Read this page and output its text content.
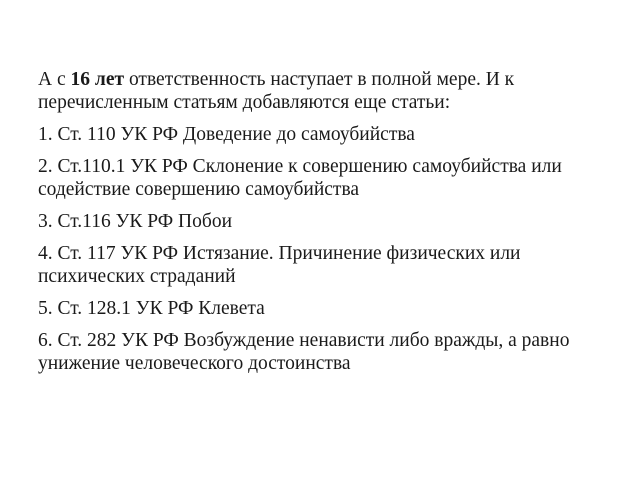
А с 16 лет ответственность наступает в полной мере. И к перечисленным статьям добавляются еще статьи:

1. Ст. 110 УК РФ Доведение до самоубийства

2. Ст.110.1 УК РФ Склонение к совершению самоубийства или содействие совершению самоубийства

3. Ст.116 УК РФ Побои

4. Ст. 117 УК РФ Истязание. Причинение физических или психических страданий

5. Ст. 128.1 УК РФ Клевета

6. Ст. 282 УК РФ Возбуждение ненависти либо вражды, а равно унижение человеческого достоинства
